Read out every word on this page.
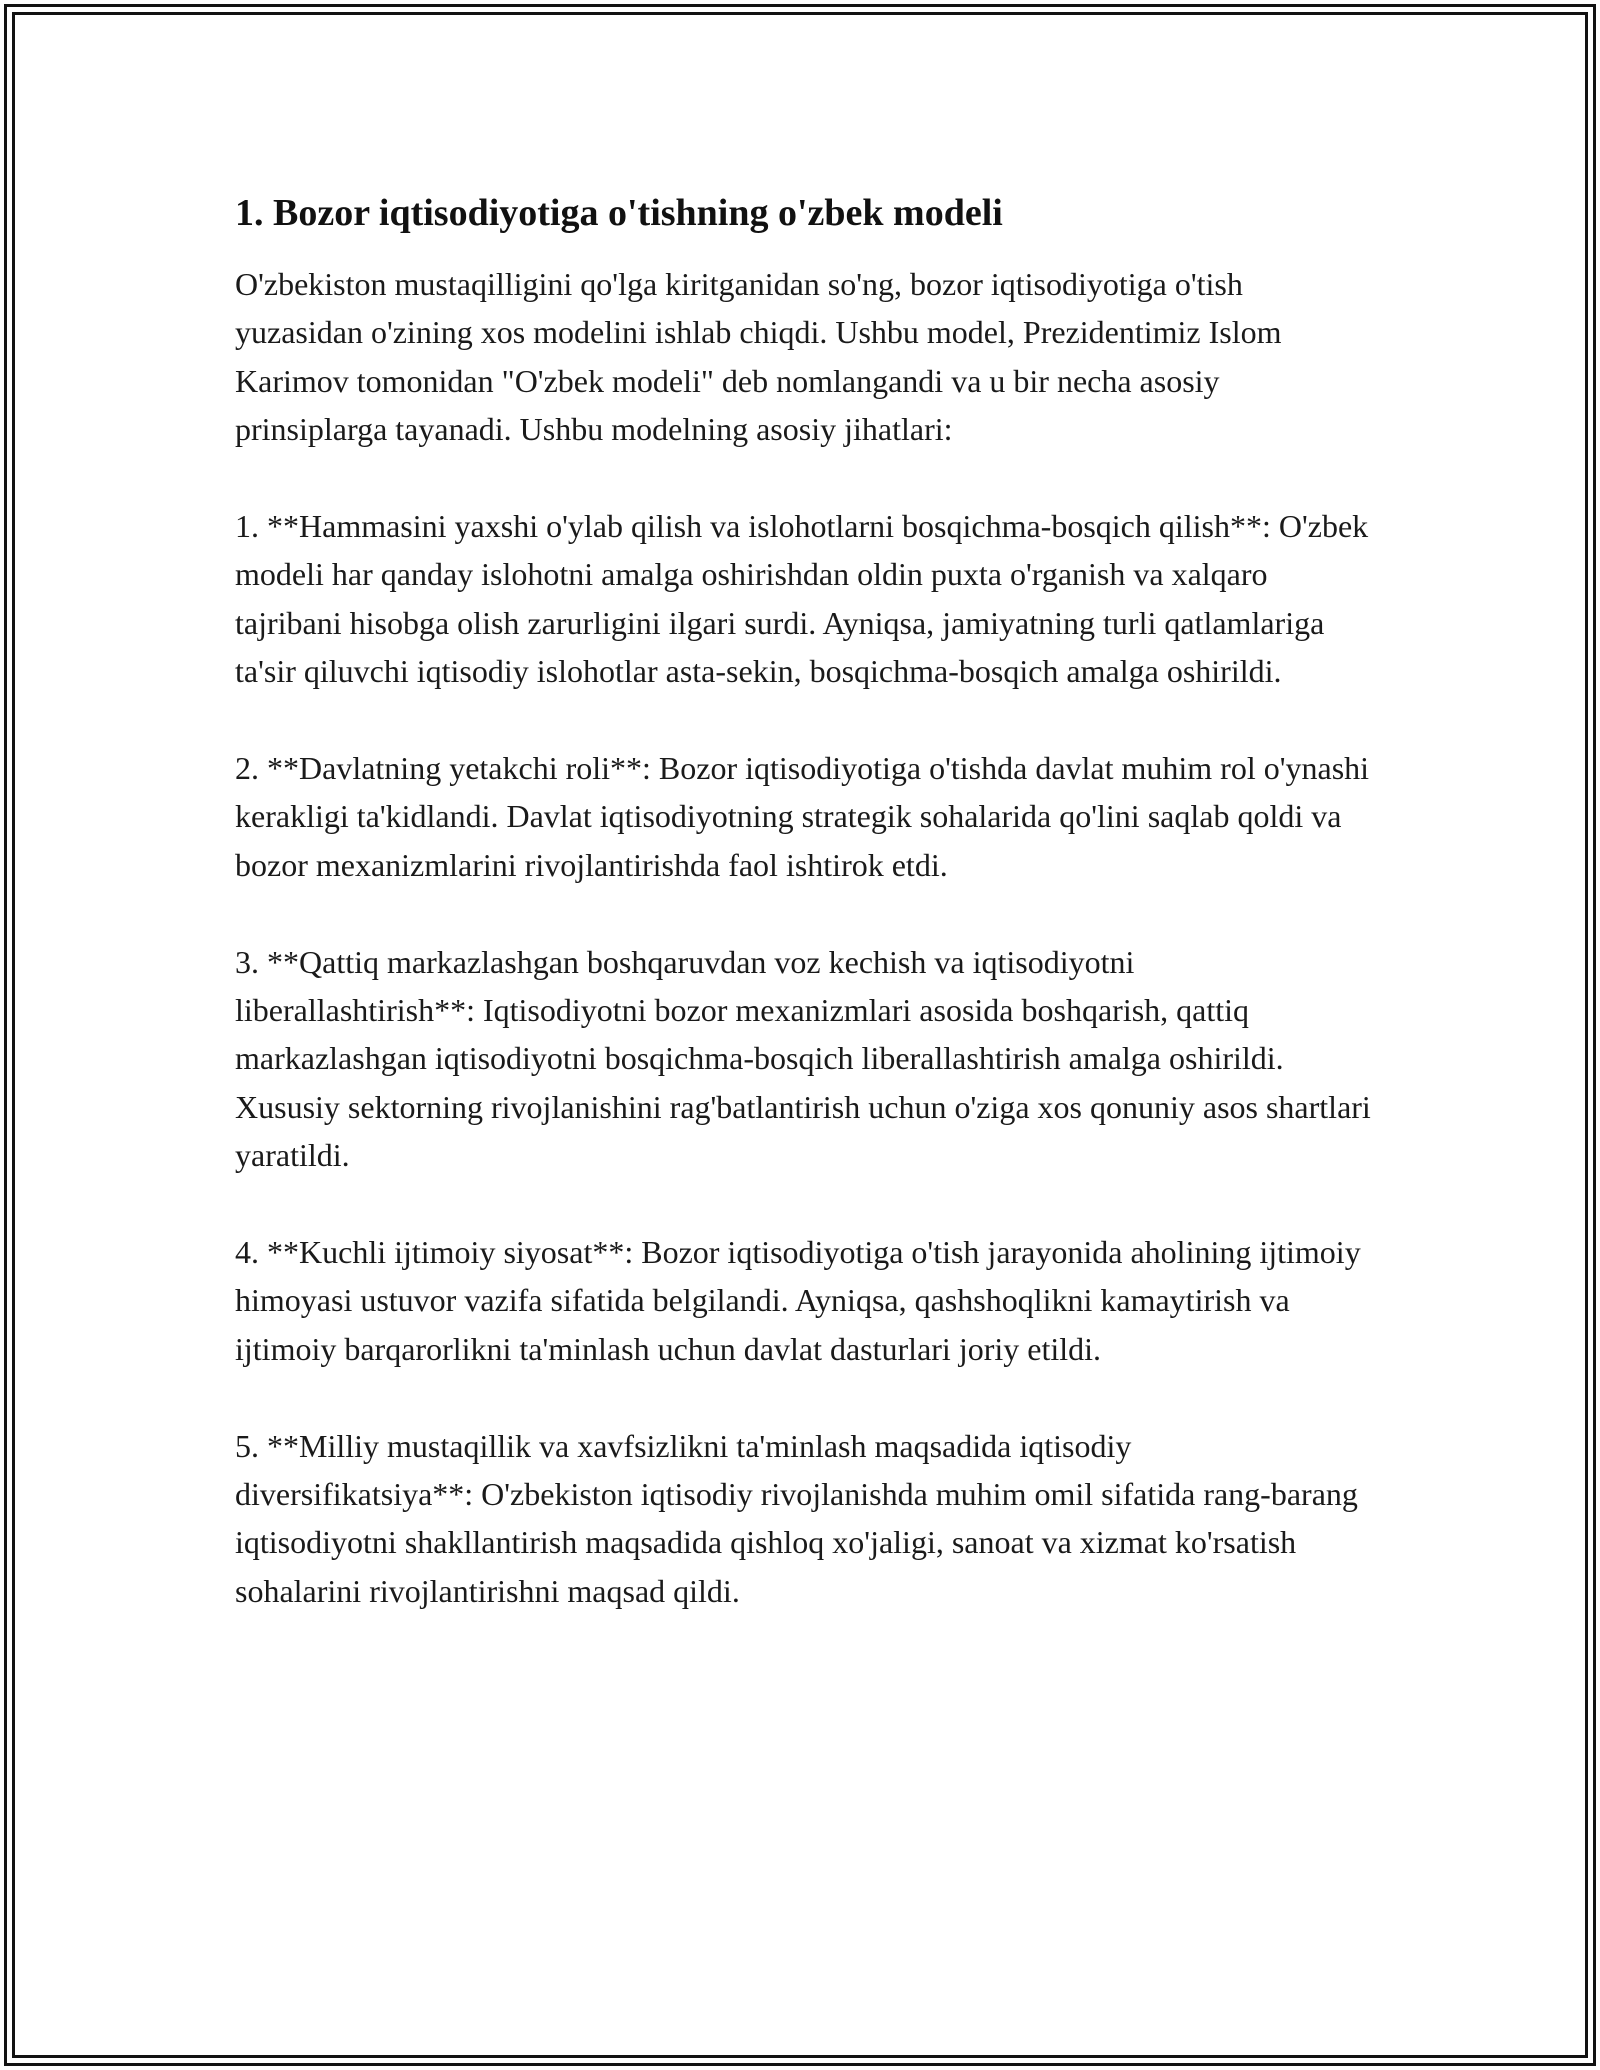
1. Bozor iqtisodiyotiga o'tishning o'zbek modeli

O'zbekiston mustaqilligini qo'lga kiritganidan so'ng, bozor iqtisodiyotiga o'tish yuzasidan o'zining xos modelini ishlab chiqdi. Ushbu model, Prezidentimiz Islom Karimov tomonidan "O'zbek modeli" deb nomlangandi va u bir necha asosiy prinsiplarga tayanadi. Ushbu modelning asosiy jihatlari:

1. **Hammasini yaxshi o'ylab qilish va islohotlarni bosqichma-bosqich qilish**: O'zbek modeli har qanday islohotni amalga oshirishdan oldin puxta o'rganish va xalqaro tajribani hisobga olish zarurligini ilgari surdi. Ayniqsa, jamiyatning turli qatlamlariga ta'sir qiluvchi iqtisodiy islohotlar asta-sekin, bosqichma-bosqich amalga oshirildi.

2. **Davlatning yetakchi roli**: Bozor iqtisodiyotiga o'tishda davlat muhim rol o'ynashi kerakligi ta'kidlandi. Davlat iqtisodiyotning strategik sohalarida qo'lini saqlab qoldi va bozor mexanizmlarini rivojlantirishda faol ishtirok etdi.

3. **Qattiq markazlashgan boshqaruvdan voz kechish va iqtisodiyotni liberallashtirish**: Iqtisodiyotni bozor mexanizmlari asosida boshqarish, qattiq markazlashgan iqtisodiyotni bosqichma-bosqich liberallashtirish amalga oshirildi. Xususiy sektorning rivojlanishini rag'batlantirish uchun o'ziga xos qonuniy asos shartlari yaratildi.

4. **Kuchli ijtimoiy siyosat**: Bozor iqtisodiyotiga o'tish jarayonida aholining ijtimoiy himoyasi ustuvor vazifa sifatida belgilandi. Ayniqsa, qashshoqlikni kamaytirish va ijtimoiy barqarorlikni ta'minlash uchun davlat dasturlari joriy etildi.

5. **Milliy mustaqillik va xavfsizlikni ta'minlash maqsadida iqtisodiy diversifikatsiya**: O'zbekiston iqtisodiy rivojlanishda muhim omil sifatida rang-barang iqtisodiyotni shakllantirish maqsadida qishloq xo'jaligi, sanoat va xizmat ko'rsatish sohalarini rivojlantirishni maqsad qildi.
